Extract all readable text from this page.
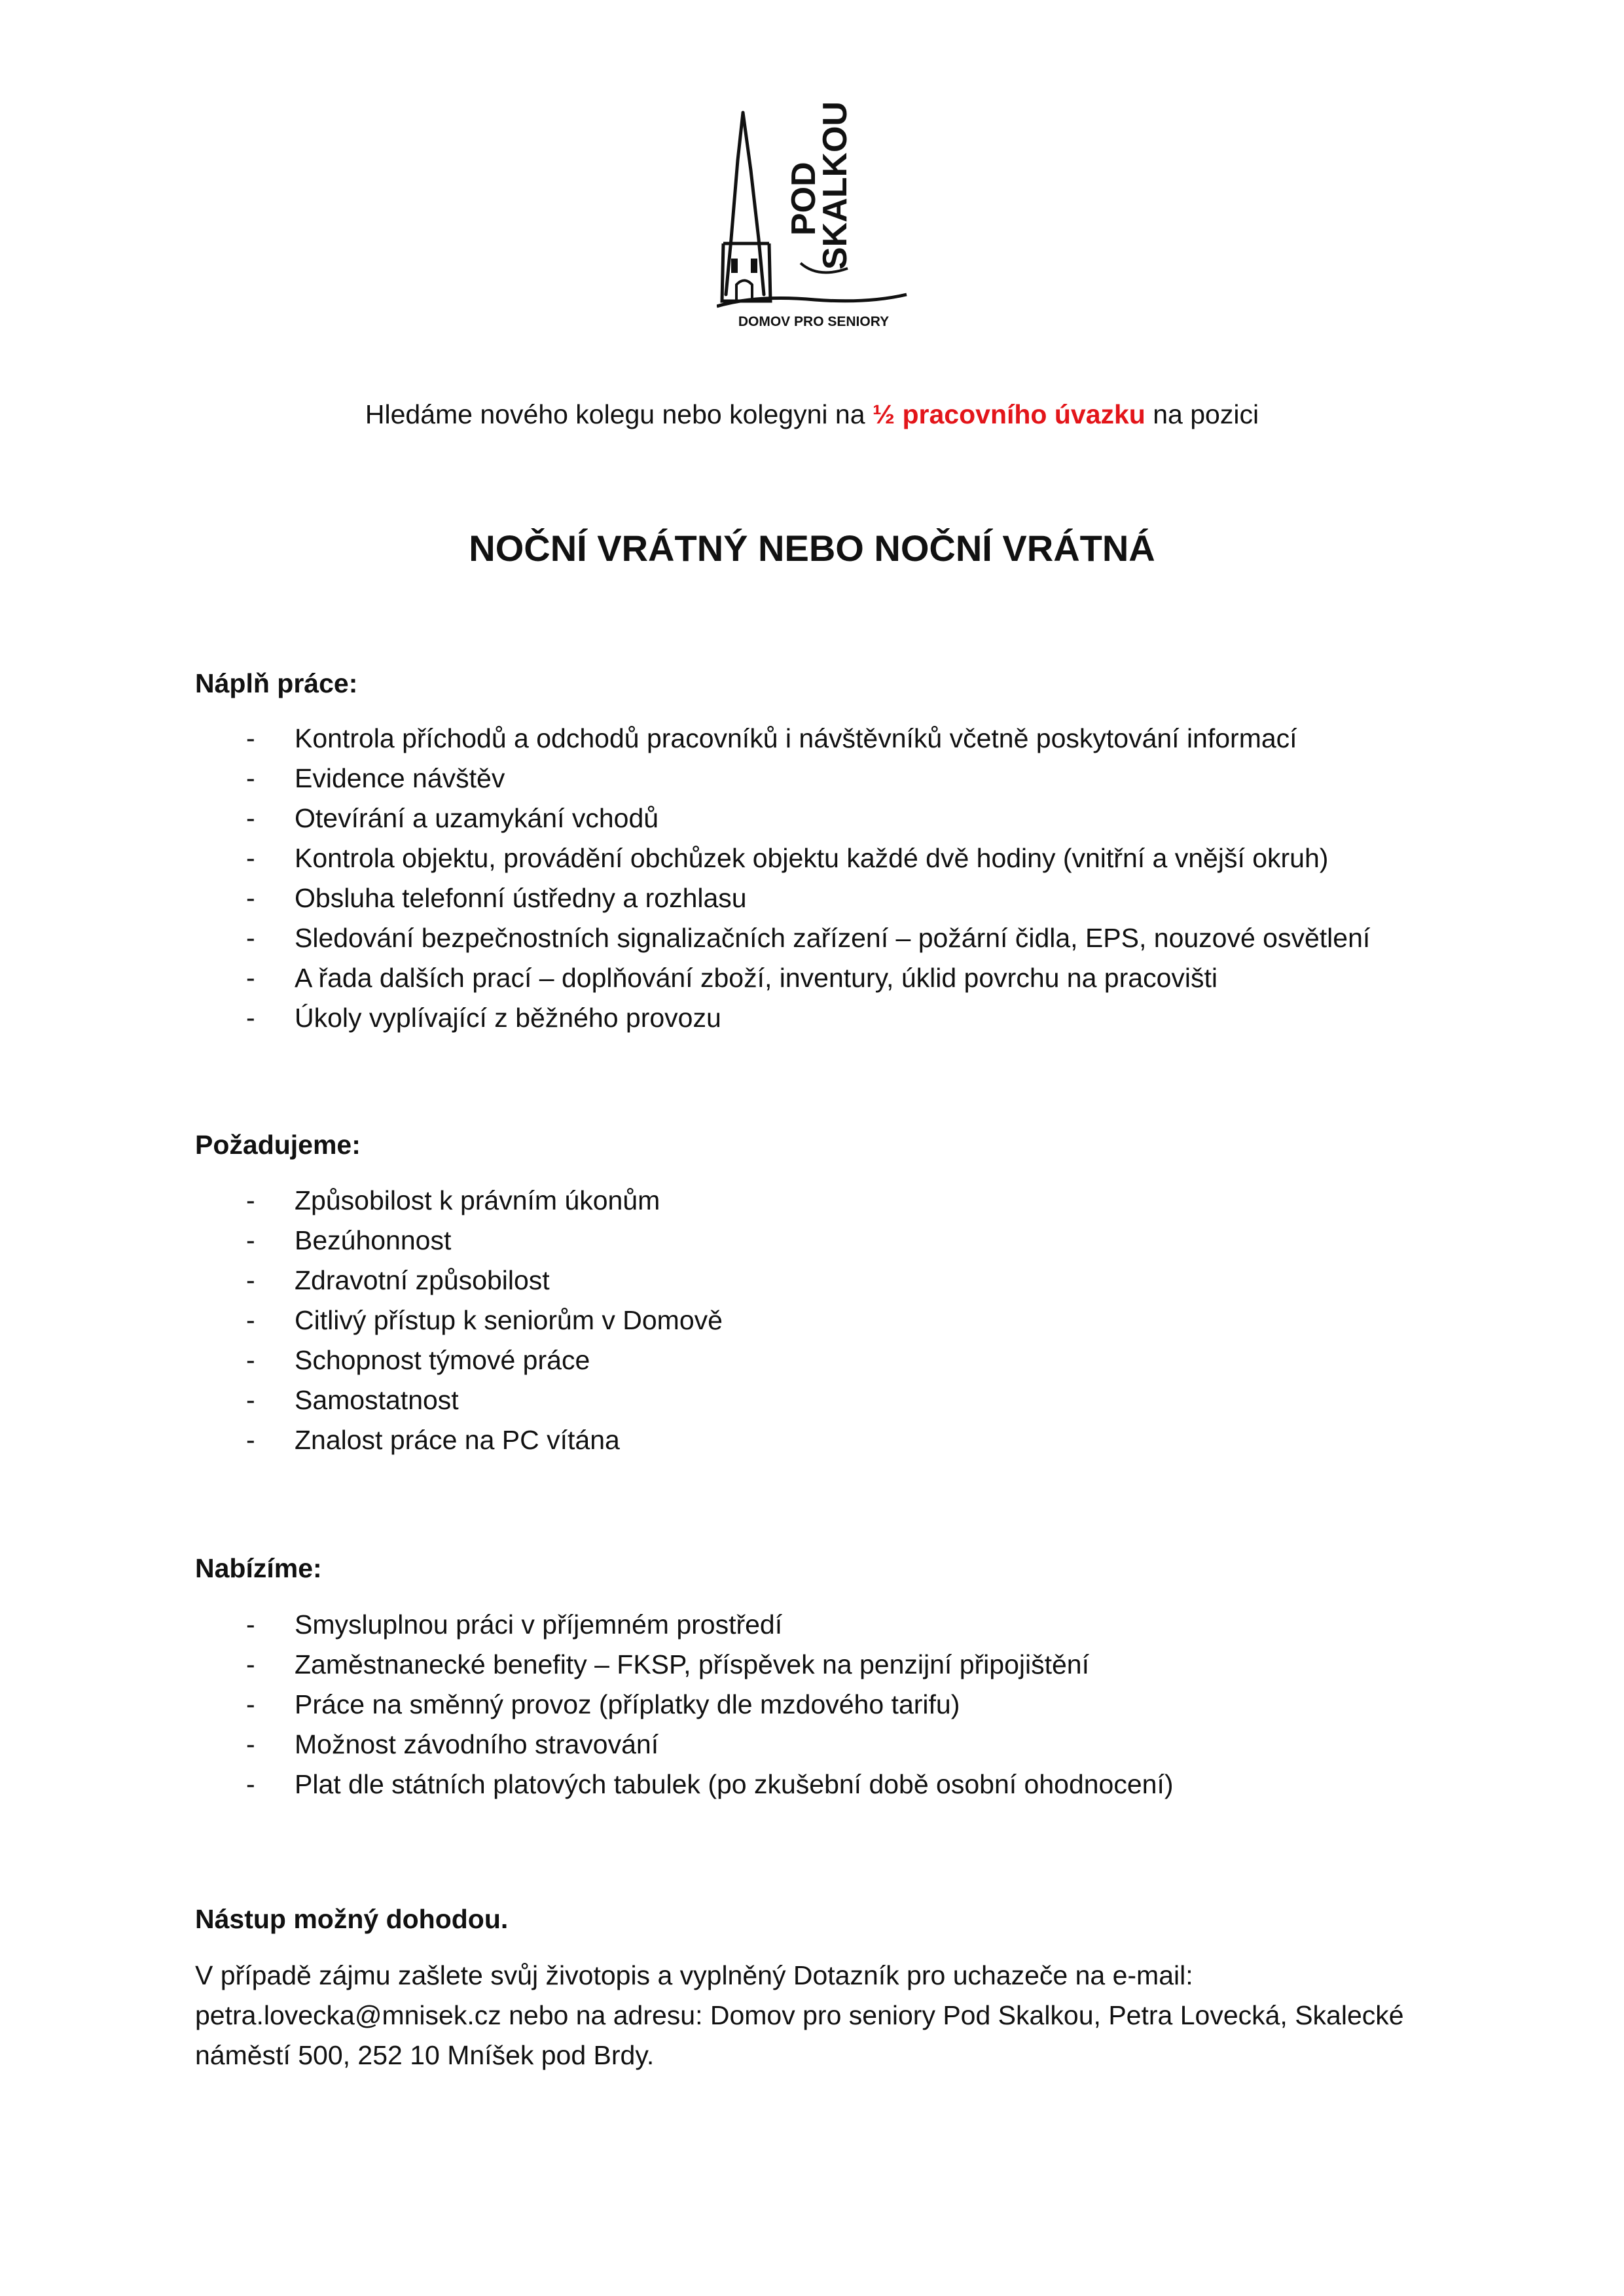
POD
SKALKOU
DOMOV PRO SENIORY
Hledáme nového kolegu nebo kolegyni na ½ pracovního úvazku na pozici
NOČNÍ VRÁTNÝ NEBO NOČNÍ VRÁTNÁ
Náplň práce:
- Kontrola příchodů a odchodů pracovníků i návštěvníků včetně poskytování informací
- Evidence návštěv
- Otevírání a uzamykání vchodů
- Kontrola objektu, provádění obchůzek objektu každé dvě hodiny (vnitřní a vnější okruh)
- Obsluha telefonní ústředny a rozhlasu
- Sledování bezpečnostních signalizačních zařízení – požární čidla, EPS, nouzové osvětlení
- A řada dalších prací – doplňování zboží, inventury, úklid povrchu na pracovišti
- Úkoly vyplívající z běžného provozu
Požadujeme:
- Způsobilost k právním úkonům
- Bezúhonnost
- Zdravotní způsobilost
- Citlivý přístup k seniorům v Domově
- Schopnost týmové práce
- Samostatnost
- Znalost práce na PC vítána
Nabízíme:
- Smysluplnou práci v příjemném prostředí
- Zaměstnanecké benefity – FKSP, příspěvek na penzijní připojištění
- Práce na směnný provoz (příplatky dle mzdového tarifu)
- Možnost závodního stravování
- Plat dle státních platových tabulek (po zkušební době osobní ohodnocení)
Nástup možný dohodou.
V případě zájmu zašlete svůj životopis a vyplněný Dotazník pro uchazeče na e-mail:
petra.lovecka@mnisek.cz nebo na adresu: Domov pro seniory Pod Skalkou, Petra Lovecká, Skalecké
náměstí 500, 252 10 Mníšek pod Brdy.
